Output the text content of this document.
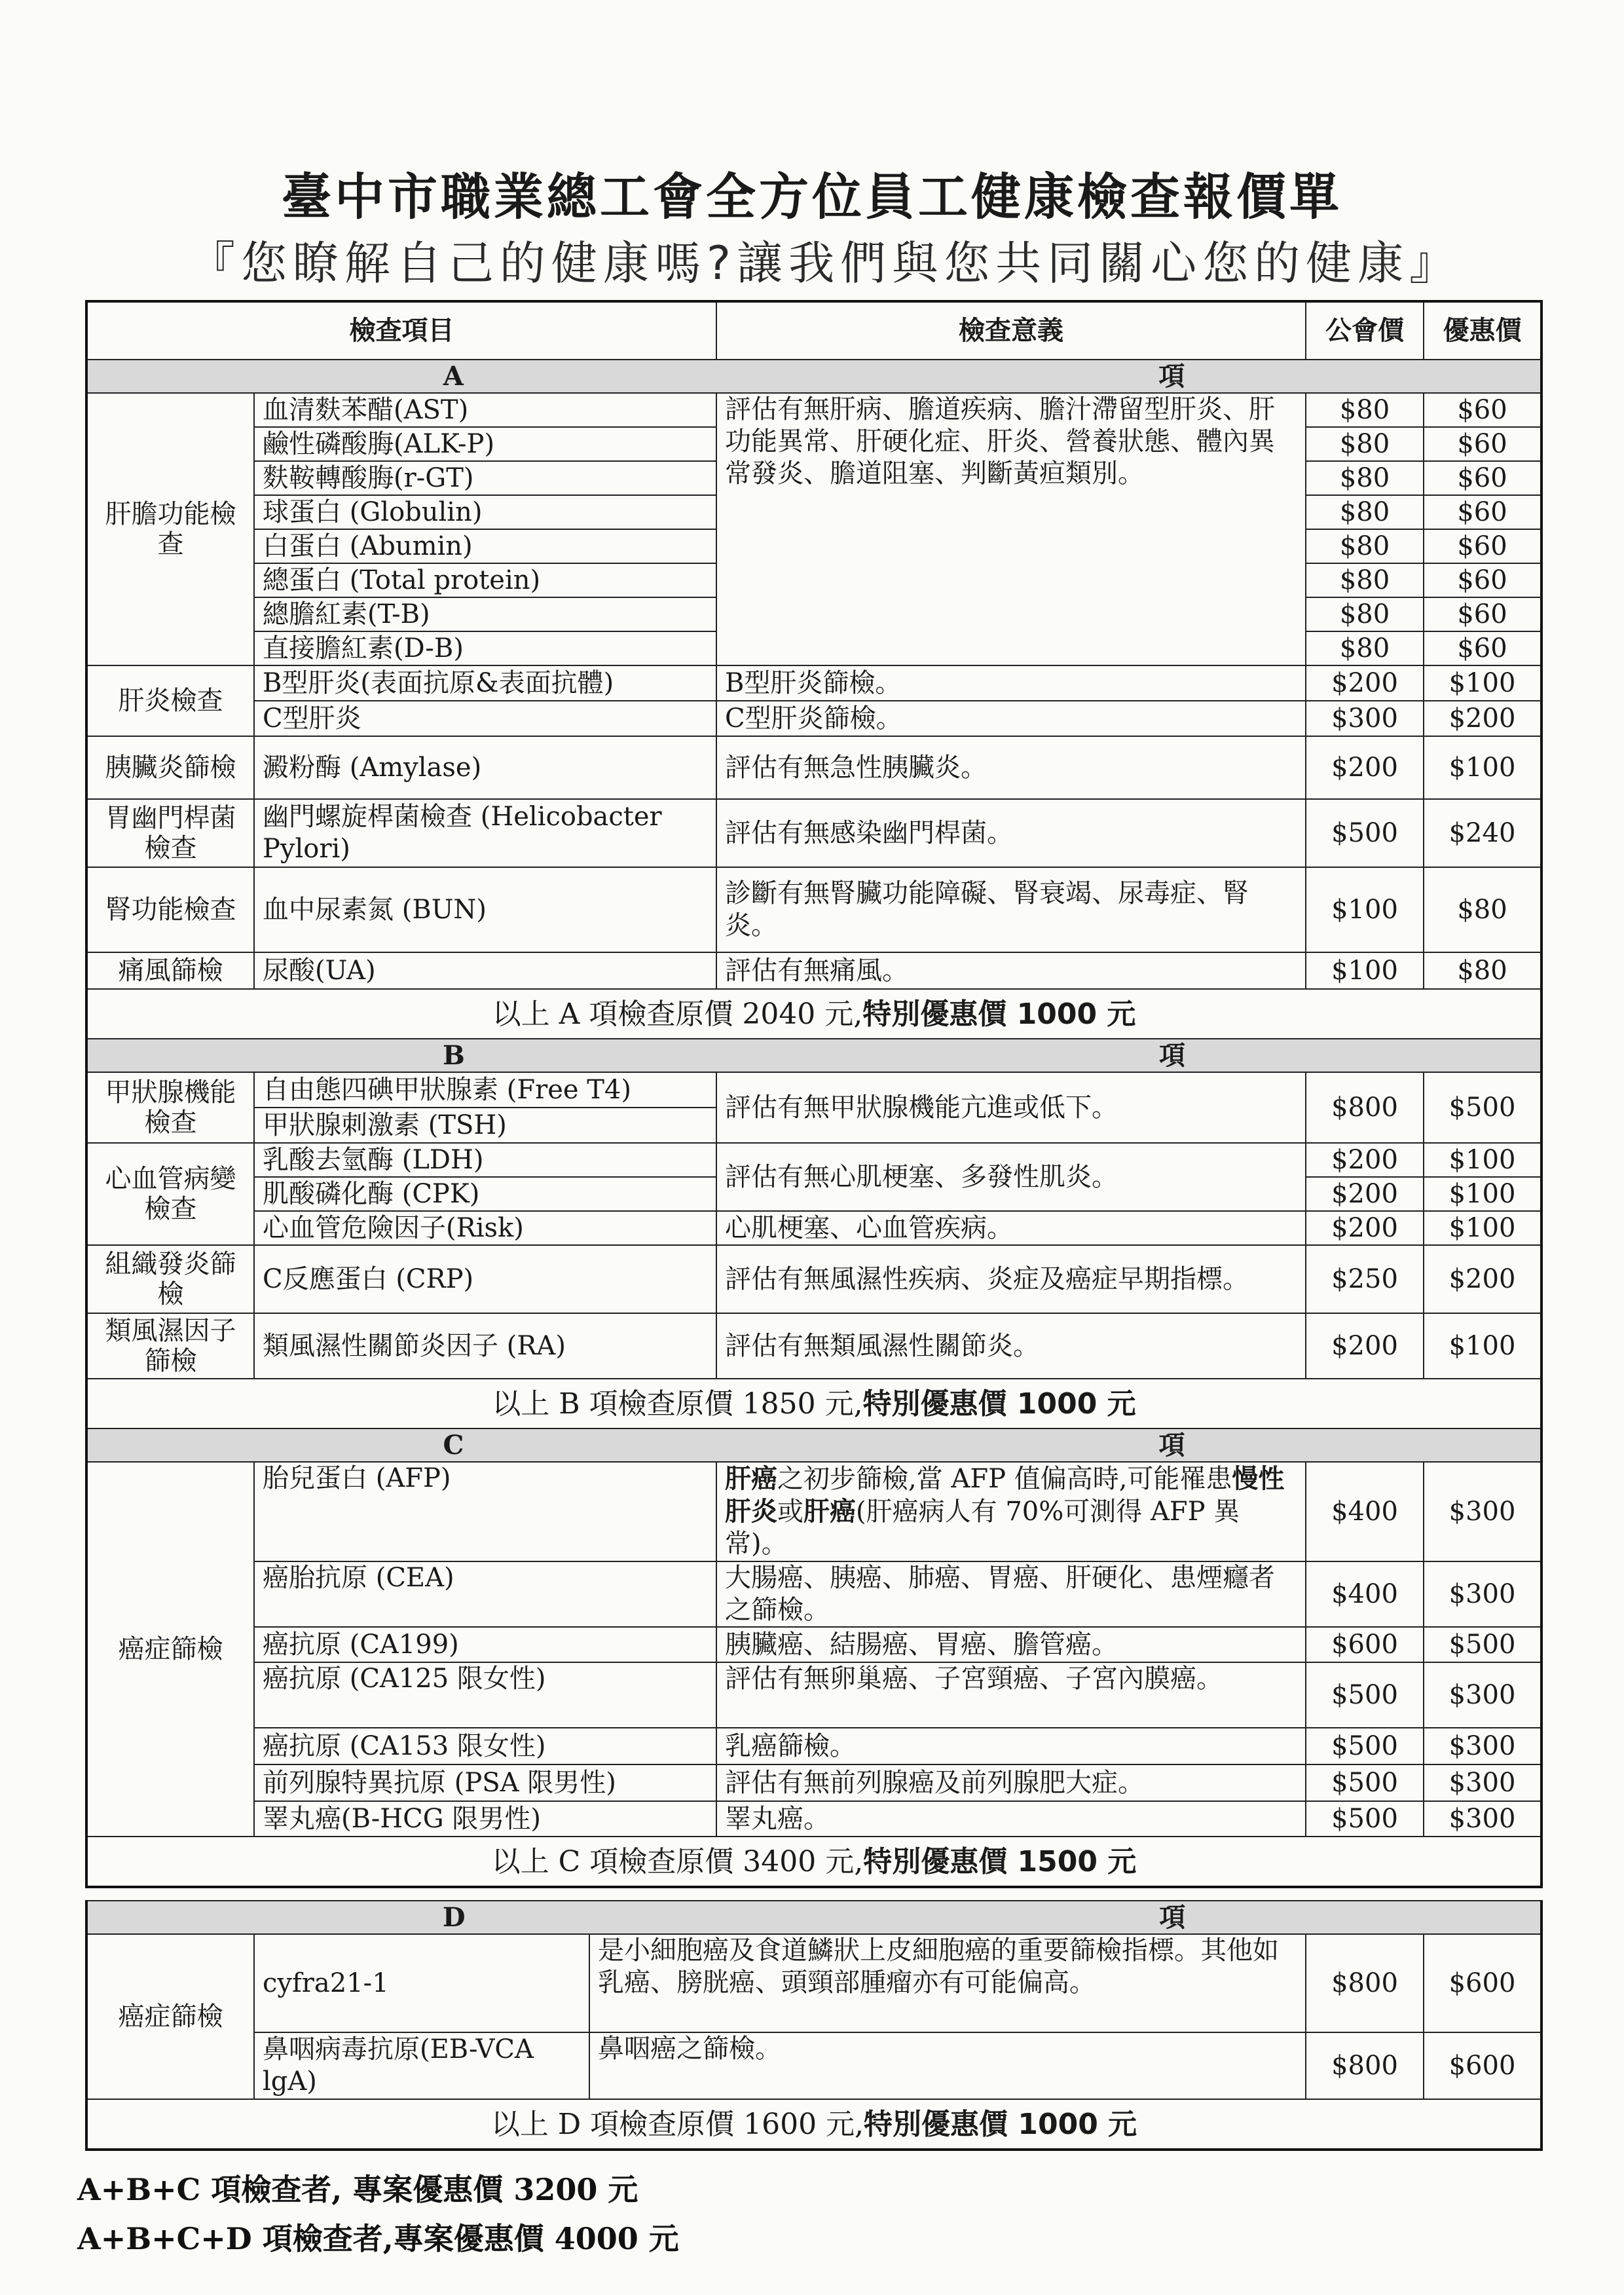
臺中市職業總工會全方位員工健康檢查報價單
『您瞭解自己的健康嗎?讓我們與您共同關心您的健康』
檢查項目		檢查意義	公會價	優惠價

A 項				

肝膽功能檢查	血清麩苯醋(AST)	評估有無肝病、膽道疾病、膽汁滯留型肝炎、肝功能異常、肝硬化症、肝炎、營養狀態、體內異常發炎、膽道阻塞、判斷黃疸類別。	$80	$60
	鹼性磷酸脢(ALK-P)		$80	$60
	麩鞍轉酸脢(r-GT)		$80	$60
	球蛋白 (Globulin)		$80	$60
	白蛋白 (Abumin)		$80	$60
	總蛋白 (Total protein)		$80	$60
	總膽紅素(T-B)		$80	$60
	直接膽紅素(D-B)		$80	$60
肝炎檢查	B型肝炎(表面抗原&表面抗體)	B型肝炎篩檢。	$200	$100
	C型肝炎	C型肝炎篩檢。	$300	$200
胰臟炎篩檢	澱粉酶 (Amylase)	評估有無急性胰臟炎。	$200	$100
胃幽門桿菌檢查	幽門螺旋桿菌檢查 (Helicobacter Pylori)	評估有無感染幽門桿菌。	$500	$240
腎功能檢查	血中尿素氮 (BUN)	診斷有無腎臟功能障礙、腎衰竭、尿毒症、腎炎。	$100	$80
痛風篩檢	尿酸(UA)	評估有無痛風。	$100	$80
以上 A 項檢查原價 2040 元,特別優惠價 1000 元				

B 項				

甲狀腺機能檢查	自由態四碘甲狀腺素 (Free T4)	評估有無甲狀腺機能亢進或低下。	$800	$500
	甲狀腺刺激素 (TSH)			
心血管病變檢查	乳酸去氫酶 (LDH)	評估有無心肌梗塞、多發性肌炎。	$200	$100
	肌酸磷化酶 (CPK)		$200	$100
	心血管危險因子(Risk)	心肌梗塞、心血管疾病。	$200	$100
組織發炎篩檢	C反應蛋白 (CRP)	評估有無風濕性疾病、炎症及癌症早期指標。	$250	$200
類風濕因子篩檢	類風濕性關節炎因子 (RA)	評估有無類風濕性關節炎。	$200	$100
以上 B 項檢查原價 1850 元,特別優惠價 1000 元				

C 項				

癌症篩檢	胎兒蛋白 (AFP)	肝癌之初步篩檢,當 AFP 值偏高時,可能罹患慢性肝炎或肝癌(肝癌病人有 70%可測得 AFP 異常)。	$400	$300
	癌胎抗原 (CEA)	大腸癌、胰癌、肺癌、胃癌、肝硬化、患煙癮者之篩檢。	$400	$300
	癌抗原 (CA199)	胰臟癌、結腸癌、胃癌、膽管癌。	$600	$500
	癌抗原 (CA125 限女性)	評估有無卵巢癌、子宮頸癌、子宮內膜癌。	$500	$300
	癌抗原 (CA153 限女性)	乳癌篩檢。	$500	$300
	前列腺特異抗原 (PSA 限男性)	評估有無前列腺癌及前列腺肥大症。	$500	$300
	睪丸癌(B-HCG 限男性)	睪丸癌。	$500	$300
以上 C 項檢查原價 3400 元,特別優惠價 1500 元				
D 項				

癌症篩檢	cyfra21-1	是小細胞癌及食道鱗狀上皮細胞癌的重要篩檢指標。其他如乳癌、膀胱癌、頭頸部腫瘤亦有可能偏高。	$800	$600
	鼻咽病毒抗原(EB-VCA lgA)	鼻咽癌之篩檢。	$800	$600
以上 D 項檢查原價 1600 元,特別優惠價 1000 元				
A+B+C 項檢查者, 專案優惠價 3200 元
A+B+C+D 項檢查者,專案優惠價 4000 元
